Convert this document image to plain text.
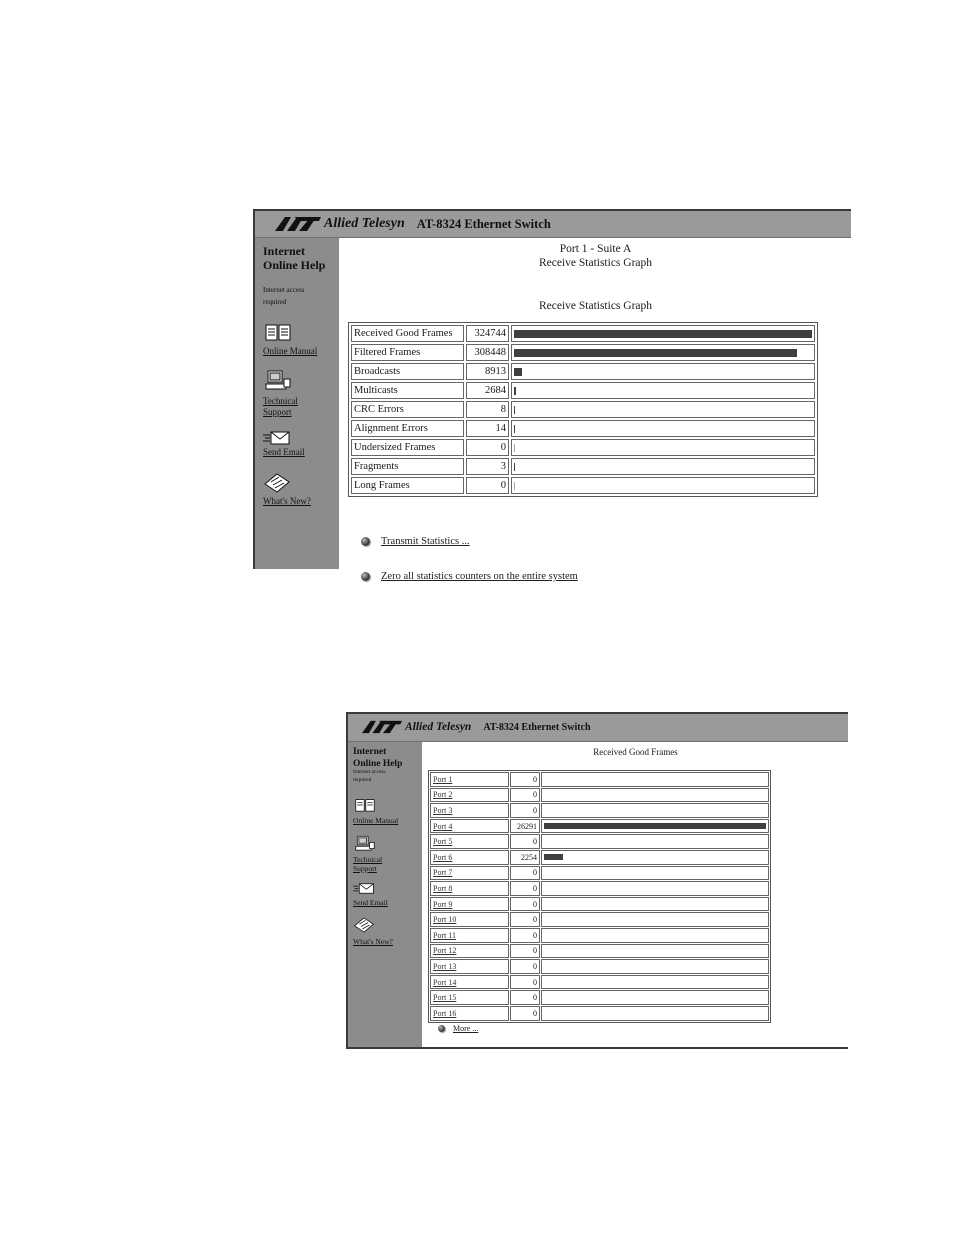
Allied Telesyn AT-8324 Ethernet Switch
Internet
Online Help
Internet access
required
Online Manual
Technical
Support
Send Email
What's New?
Port 1 - Suite A
Receive Statistics Graph
Receive Statistics Graph
Received Good Frames	324744	

Filtered Frames	308448	

Broadcasts	8913	

Multicasts	2684	

CRC Errors	8	

Alignment Errors	14	

Undersized Frames	0	

Fragments	3	

Long Frames	0	
Transmit Statistics ...
Zero all statistics counters on the entire system
Allied Telesyn AT-8324 Ethernet Switch
Internet
Online Help
Internet access
required
Online Manual
Technical
Support
Send Email
What's New?
Received Good Frames
Port 1	0	
Port 2	0	
Port 3	0	
Port 4	26291	

Port 5	0	
Port 6	2254	

Port 7	0	
Port 8	0	
Port 9	0	
Port 10	0	
Port 11	0	
Port 12	0	
Port 13	0	
Port 14	0	
Port 15	0	
Port 16	0	
More ...
